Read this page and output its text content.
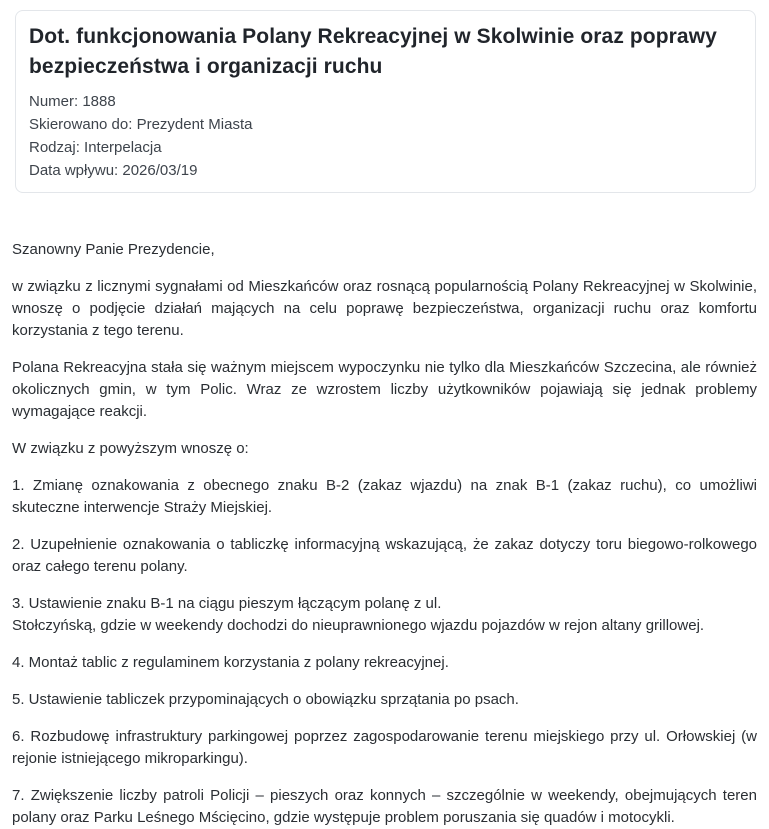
Dot. funkcjonowania Polany Rekreacyjnej w Skolwinie oraz poprawy bezpieczeństwa i organizacji ruchu
Numer: 1888
Skierowano do: Prezydent Miasta
Rodzaj: Interpelacja
Data wpływu: 2026/03/19

Szanowny Panie Prezydencie,

w związku z licznymi sygnałami od Mieszkańców oraz rosnącą popularnością Polany Rekreacyjnej w Skolwinie, wnoszę o podjęcie działań mających na celu poprawę bezpieczeństwa, organizacji ruchu oraz komfortu korzystania z tego terenu.

Polana Rekreacyjna stała się ważnym miejscem wypoczynku nie tylko dla Mieszkańców Szczecina, ale również okolicznych gmin, w tym Polic. Wraz ze wzrostem liczby użytkowników pojawiają się jednak problemy wymagające reakcji.

W związku z powyższym wnoszę o:

1. Zmianę oznakowania z obecnego znaku B-2 (zakaz wjazdu) na znak B-1 (zakaz ruchu), co umożliwi skuteczne interwencje Straży Miejskiej.

2. Uzupełnienie oznakowania o tabliczkę informacyjną wskazującą, że zakaz dotyczy toru biegowo-rolkowego oraz całego terenu polany.

3. Ustawienie znaku B-1 na ciągu pieszym łączącym polanę z ul.
Stołczyńską, gdzie w weekendy dochodzi do nieuprawnionego wjazdu pojazdów w rejon altany grillowej.

4. Montaż tablic z regulaminem korzystania z polany rekreacyjnej.

5. Ustawienie tabliczek przypominających o obowiązku sprzątania po psach.

6. Rozbudowę infrastruktury parkingowej poprzez zagospodarowanie terenu miejskiego przy ul. Orłowskiej (w rejonie istniejącego mikroparkingu).

7. Zwiększenie liczby patroli Policji – pieszych oraz konnych – szczególnie w weekendy, obejmujących teren polany oraz Parku Leśnego Mścięcino, gdzie występuje problem poruszania się quadów i motocykli.
